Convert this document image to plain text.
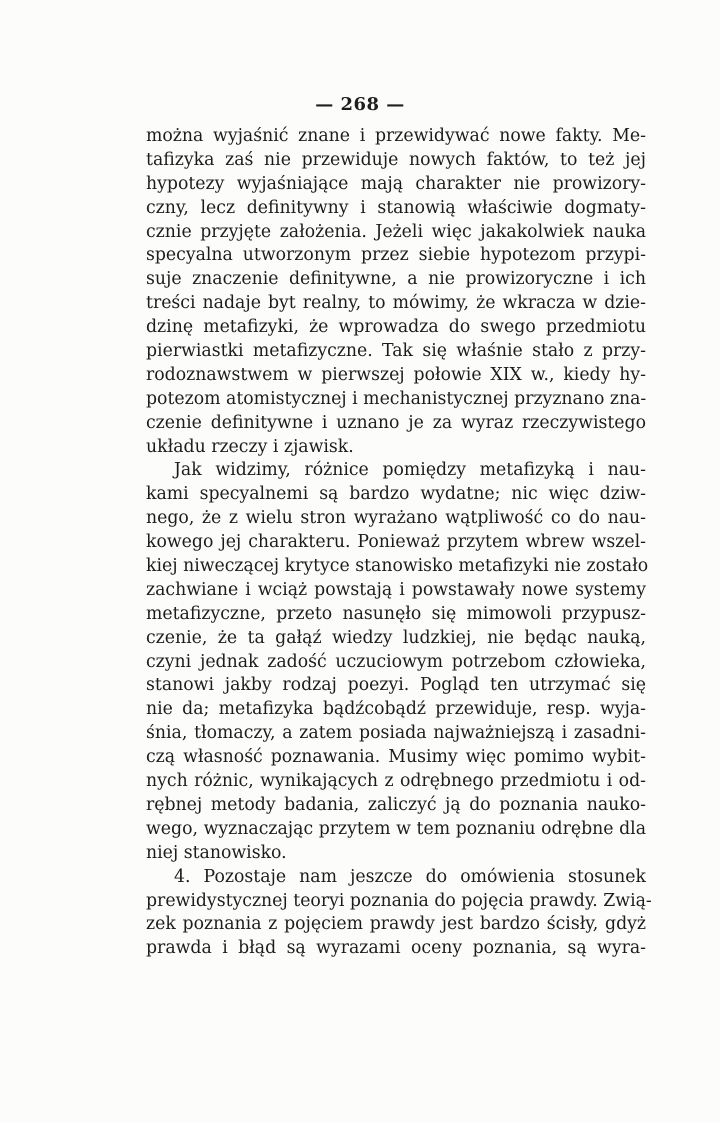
— 268 —
można wyjaśnić znane i przewidywać nowe fakty. Me-
tafizyka zaś nie przewiduje nowych faktów, to też jej
hypotezy wyjaśniające mają charakter nie prowizory-
czny, lecz definitywny i stanowią właściwie dogmaty-
cznie przyjęte założenia. Jeżeli więc jakakolwiek nauka
specyalna utworzonym przez siebie hypotezom przypi-
suje znaczenie definitywne, a nie prowizoryczne i ich
treści nadaje byt realny, to mówimy, że wkracza w dzie-
dzinę metafizyki, że wprowadza do swego przedmiotu
pierwiastki metafizyczne. Tak się właśnie stało z przy-
rodoznawstwem w pierwszej połowie XIX w., kiedy hy-
potezom atomistycznej i mechanistycznej przyznano zna-
czenie definitywne i uznano je za wyraz rzeczywistego
układu rzeczy i zjawisk.
Jak widzimy, różnice pomiędzy metafizyką i nau-
kami specyalnemi są bardzo wydatne; nic więc dziw-
nego, że z wielu stron wyrażano wątpliwość co do nau-
kowego jej charakteru. Ponieważ przytem wbrew wszel-
kiej niweczącej krytyce stanowisko metafizyki nie zostało
zachwiane i wciąż powstają i powstawały nowe systemy
metafizyczne, przeto nasunęło się mimowoli przypusz-
czenie, że ta gałąź wiedzy ludzkiej, nie będąc nauką,
czyni jednak zadość uczuciowym potrzebom człowieka,
stanowi jakby rodzaj poezyi. Pogląd ten utrzymać się
nie da; metafizyka bądźcobądź przewiduje, resp. wyja-
śnia, tłomaczy, a zatem posiada najważniejszą i zasadni-
czą własność poznawania. Musimy więc pomimo wybit-
nych różnic, wynikających z odrębnego przedmiotu i od-
rębnej metody badania, zaliczyć ją do poznania nauko-
wego, wyznaczając przytem w tem poznaniu odrębne dla
niej stanowisko.
4. Pozostaje nam jeszcze do omówienia stosunek
prewidystycznej teoryi poznania do pojęcia prawdy. Zwią-
zek poznania z pojęciem prawdy jest bardzo ścisły, gdyż
prawda i błąd są wyrazami oceny poznania, są wyra-
